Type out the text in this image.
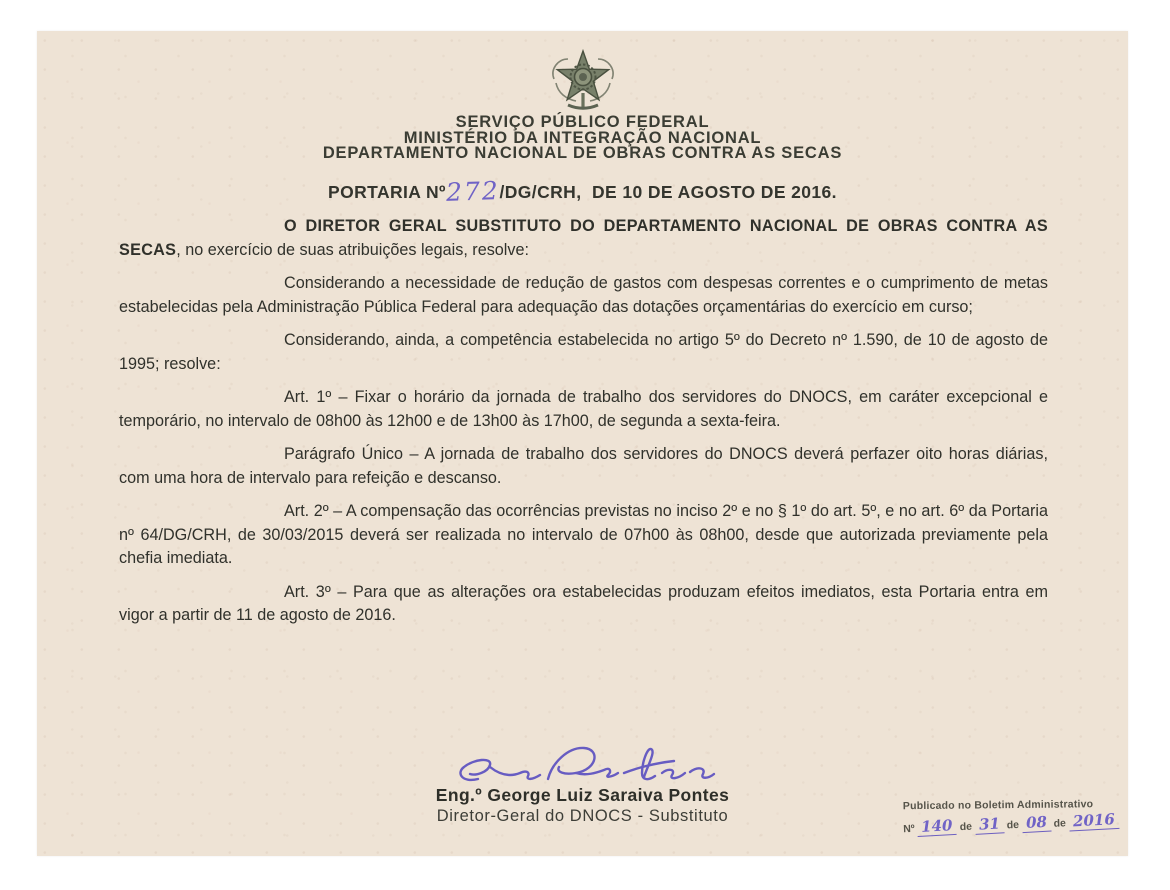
SERVIÇO PÚBLICO FEDERAL
MINISTÉRIO DA INTEGRAÇÃO NACIONAL
DEPARTAMENTO NACIONAL DE OBRAS CONTRA AS SECAS
PORTARIA Nº272/DG/CRH,  DE 10 DE AGOSTO DE 2016.

O DIRETOR GERAL SUBSTITUTO DO DEPARTAMENTO NACIONAL DE OBRAS CONTRA AS SECAS, no exercício de suas atribuições legais, resolve:

Considerando a necessidade de redução de gastos com despesas correntes e o cumprimento de metas estabelecidas pela Administração Pública Federal para adequação das dotações orçamentárias do exercício em curso;

Considerando, ainda, a competência estabelecida no artigo 5º do Decreto nº 1.590, de 10 de agosto de 1995; resolve:

Art. 1º – Fixar o horário da jornada de trabalho dos servidores do DNOCS, em caráter excepcional e temporário, no intervalo de 08h00 às 12h00 e de 13h00 às 17h00, de segunda a sexta-feira.

Parágrafo Único – A jornada de trabalho dos servidores do DNOCS deverá perfazer oito horas diárias, com uma hora de intervalo para refeição e descanso.

Art. 2º – A compensação das ocorrências previstas no inciso 2º e no § 1º do art. 5º, e no art. 6º da Portaria nº 64/DG/CRH, de 30/03/2015 deverá ser realizada no intervalo de 07h00 às 08h00, desde que autorizada previamente pela chefia imediata.

Art. 3º – Para que as alterações ora estabelecidas produzam efeitos imediatos, esta Portaria entra em vigor a partir de 11 de agosto de 2016.

Eng.º George Luiz Saraiva Pontes
Diretor-Geral do DNOCS - Substituto
Publicado no Boletim Administrativo
Nº 140 de 31 de 08 de 2016
